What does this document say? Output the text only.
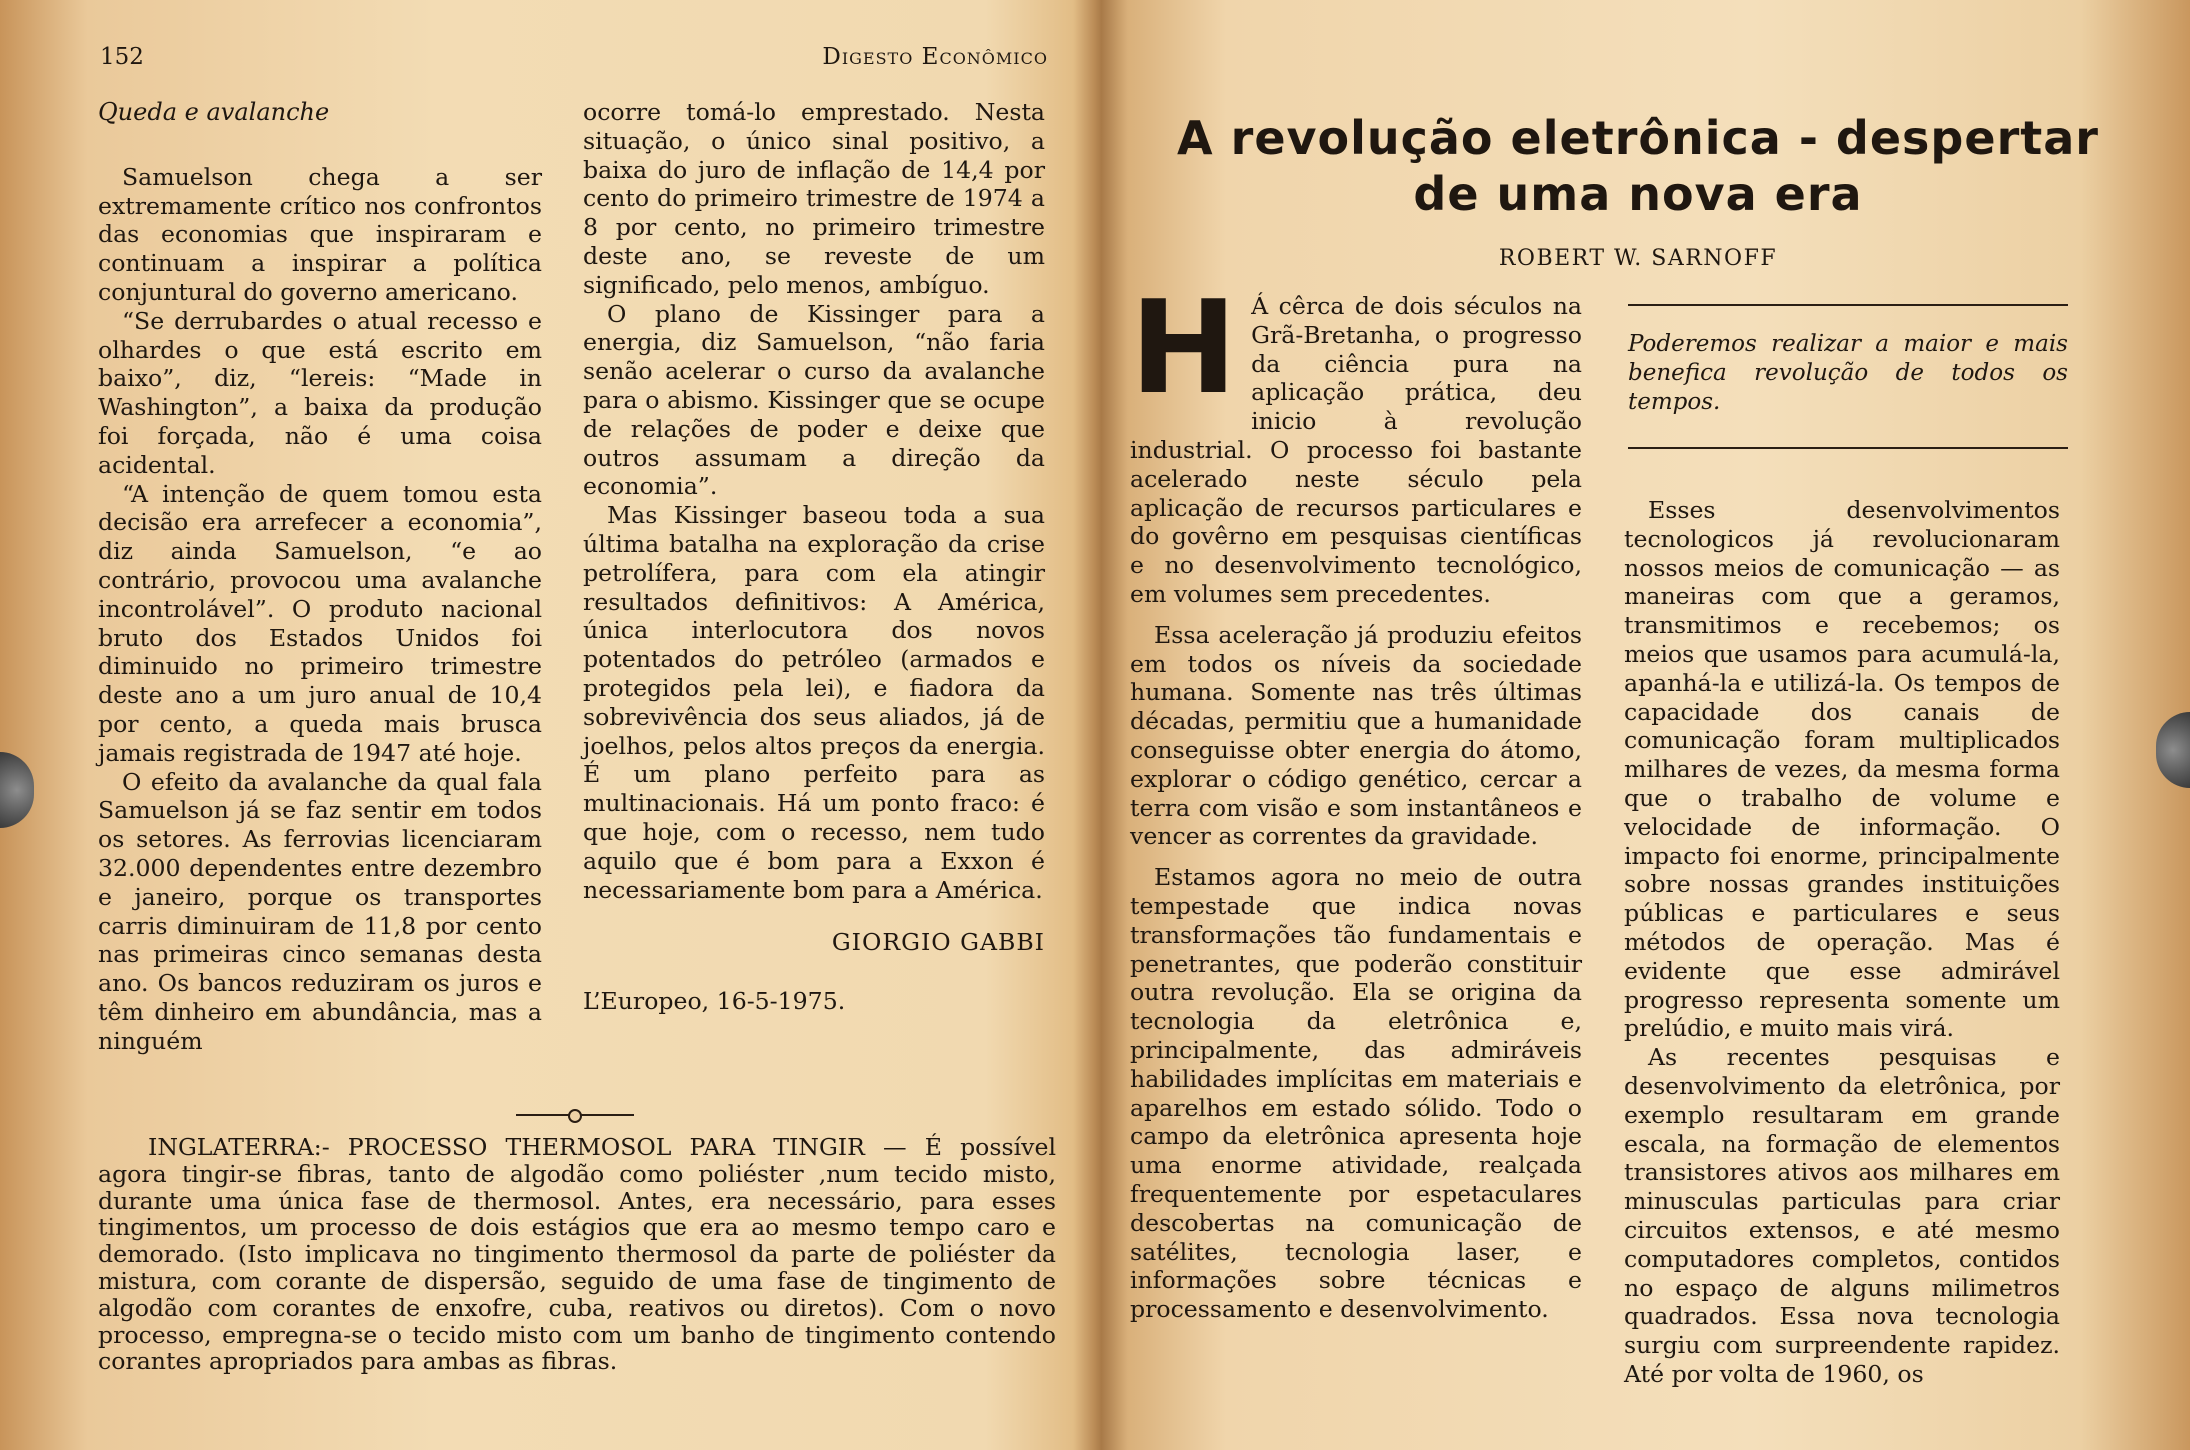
152	Digesto Econômico

Queda e avalanche

Samuelson chega a ser extremamente crítico nos confrontos das economias que inspiraram e continuam a inspirar a política conjuntural do governo americano.

“Se derrubardes o atual recesso e olhardes o que está escrito em baixo”, diz, “lereis: “Made in Washington”, a baixa da produção foi forçada, não é uma coisa acidental.

“A intenção de quem tomou esta decisão era arrefecer a economia”, diz ainda Samuelson, “e ao contrário, provocou uma avalanche incontrolável”. O produto nacional bruto dos Estados Unidos foi diminuido no primeiro trimestre deste ano a um juro anual de 10,4 por cento, a queda mais brusca jamais registrada de 1947 até hoje.

O efeito da avalanche da qual fala Samuelson já se faz sentir em todos os setores. As ferrovias licenciaram 32.000 dependentes entre dezembro e janeiro, porque os transportes carris diminuiram de 11,8 por cento nas primeiras cinco semanas desta ano. Os bancos reduziram os juros e têm dinheiro em abundância, mas a ninguém

ocorre tomá-lo emprestado. Nesta situação, o único sinal positivo, a baixa do juro de inflação de 14,4 por cento do primeiro trimestre de 1974 a 8 por cento, no primeiro trimestre deste ano, se reveste de um significado, pelo menos, ambíguo.

O plano de Kissinger para a energia, diz Samuelson, “não faria senão acelerar o curso da avalanche para o abismo. Kissinger que se ocupe de relações de poder e deixe que outros assumam a direção da economia”.

Mas Kissinger baseou toda a sua última batalha na exploração da crise petrolífera, para com ela atingir resultados definitivos: A América, única interlocutora dos novos potentados do petróleo (armados e protegidos pela lei), e fiadora da sobrevivência dos seus aliados, já de joelhos, pelos altos preços da energia. É um plano perfeito para as multinacionais. Há um ponto fraco: é que hoje, com o recesso, nem tudo aquilo que é bom para a Exxon é necessariamente bom para a América.

GIORGIO GABBI

L’Europeo, 16-5-1975.

INGLATERRA:- PROCESSO THERMOSOL PARA TINGIR — É possível agora tingir-se fibras, tanto de algodão como poliéster ,num tecido misto, durante uma única fase de thermosol. Antes, era necessário, para esses tingimentos, um processo de dois estágios que era ao mesmo tempo caro e demorado. (Isto implicava no tingimento thermosol da parte de poliéster da mistura, com corante de dispersão, seguido de uma fase de tingimento de algodão com corantes de enxofre, cuba, reativos ou diretos). Com o novo processo, empregna-se o tecido misto com um banho de tingimento contendo corantes apropriados para ambas as fibras.

A revolução eletrônica - despertar
de uma nova era
ROBERT W. SARNOFF

H Á cêrca de dois séculos na Grã-Bretanha, o progresso da ciência pura na aplicação prática, deu inicio à revolução industrial. O processo foi bastante acelerado neste século pela aplicação de recursos particulares e do govêrno em pesquisas científicas e no desenvolvimento tecnológico, em volumes sem precedentes.

Essa aceleração já produziu efeitos em todos os níveis da sociedade humana. Somente nas três últimas décadas, permitiu que a humanidade conseguisse obter energia do átomo, explorar o código genético, cercar a terra com visão e som instantâneos e vencer as correntes da gravidade.

Estamos agora no meio de outra tempestade que indica novas transformações tão fundamentais e penetrantes, que poderão constituir outra revolução. Ela se origina da tecnologia da eletrônica e, principalmente, das admiráveis habilidades implícitas em materiais e aparelhos em estado sólido. Todo o campo da eletrônica apresenta hoje uma enorme atividade, realçada frequentemente por espetaculares descobertas na comunicação de satélites, tecnologia laser, e informações sobre técnicas e processamento e desenvolvimento.

Poderemos realizar a maior e mais benefica revolução de todos os tempos.

Esses desenvolvimentos tecnologicos já revolucionaram nossos meios de comunicação — as maneiras com que a geramos, transmitimos e recebemos; os meios que usamos para acumulá-la, apanhá-la e utilizá-la. Os tempos de capacidade dos canais de comunicação foram multiplicados milhares de vezes, da mesma forma que o trabalho de volume e velocidade de informação. O impacto foi enorme, principalmente sobre nossas grandes instituições públicas e particulares e seus métodos de operação. Mas é evidente que esse admirável progresso representa somente um prelúdio, e muito mais virá.

As recentes pesquisas e desenvolvimento da eletrônica, por exemplo resultaram em grande escala, na formação de elementos transistores ativos aos milhares em minusculas particulas para criar circuitos extensos, e até mesmo computadores completos, contidos no espaço de alguns milimetros quadrados. Essa nova tecnologia surgiu com surpreendente rapidez. Até por volta de 1960, os
